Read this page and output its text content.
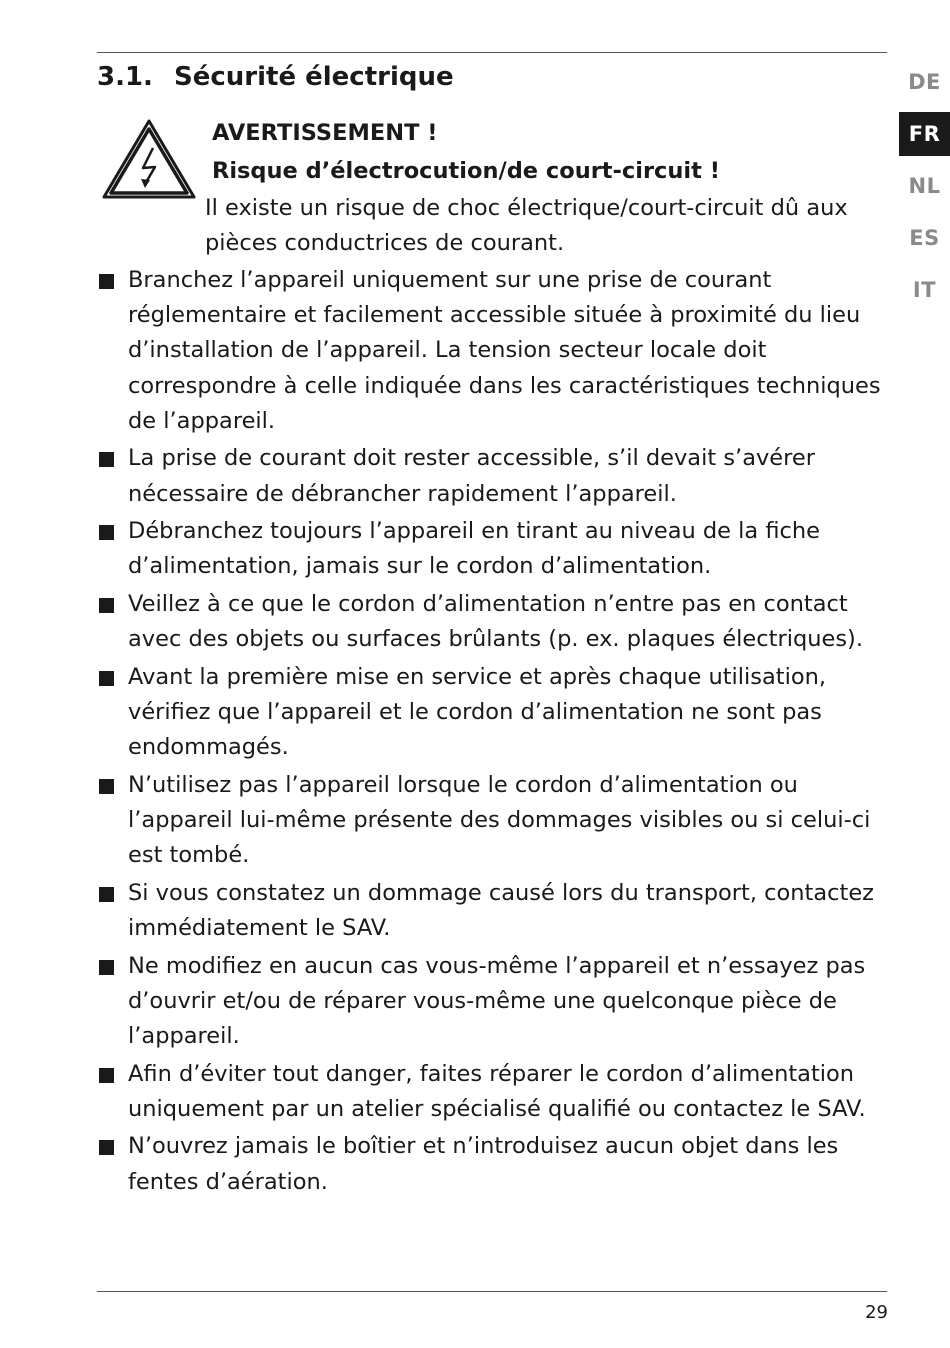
3.1. Sécurité électrique
AVERTISSEMENT !
Risque d’électrocution/de court-circuit !
Il existe un risque de choc électrique/court-circuit dû aux pièces conductrices de courant.
Branchez l’appareil uniquement sur une prise de courant réglementaire et facilement accessible située à proximité du lieu d’installation de l’appareil. La tension secteur locale doit correspondre à celle indiquée dans les caractéristiques techniques de l’appareil.
La prise de courant doit rester accessible, s’il devait s’avérer nécessaire de débrancher rapidement l’appareil.
Débranchez toujours l’appareil en tirant au niveau de la fiche d’alimentation, jamais sur le cordon d’alimentation.
Veillez à ce que le cordon d’alimentation n’entre pas en contact avec des objets ou surfaces brûlants (p. ex. plaques électriques).
Avant la première mise en service et après chaque utilisation, vérifiez que l’appareil et le cordon d’alimentation ne sont pas endommagés.
N’utilisez pas l’appareil lorsque le cordon d’alimentation ou l’appareil lui-même présente des dommages visibles ou si celui-ci est tombé.
Si vous constatez un dommage causé lors du transport, contactez immédiatement le SAV.
Ne modifiez en aucun cas vous-même l’appareil et n’essayez pas d’ouvrir et/ou de réparer vous-même une quelconque pièce de l’appareil.
Afin d’éviter tout danger, faites réparer le cordon d’alimentation uniquement par un atelier spécialisé qualifié ou contactez le SAV.
N’ouvrez jamais le boîtier et n’introduisez aucun objet dans les fentes d’aération.
DE
FR
NL
ES
IT
29
